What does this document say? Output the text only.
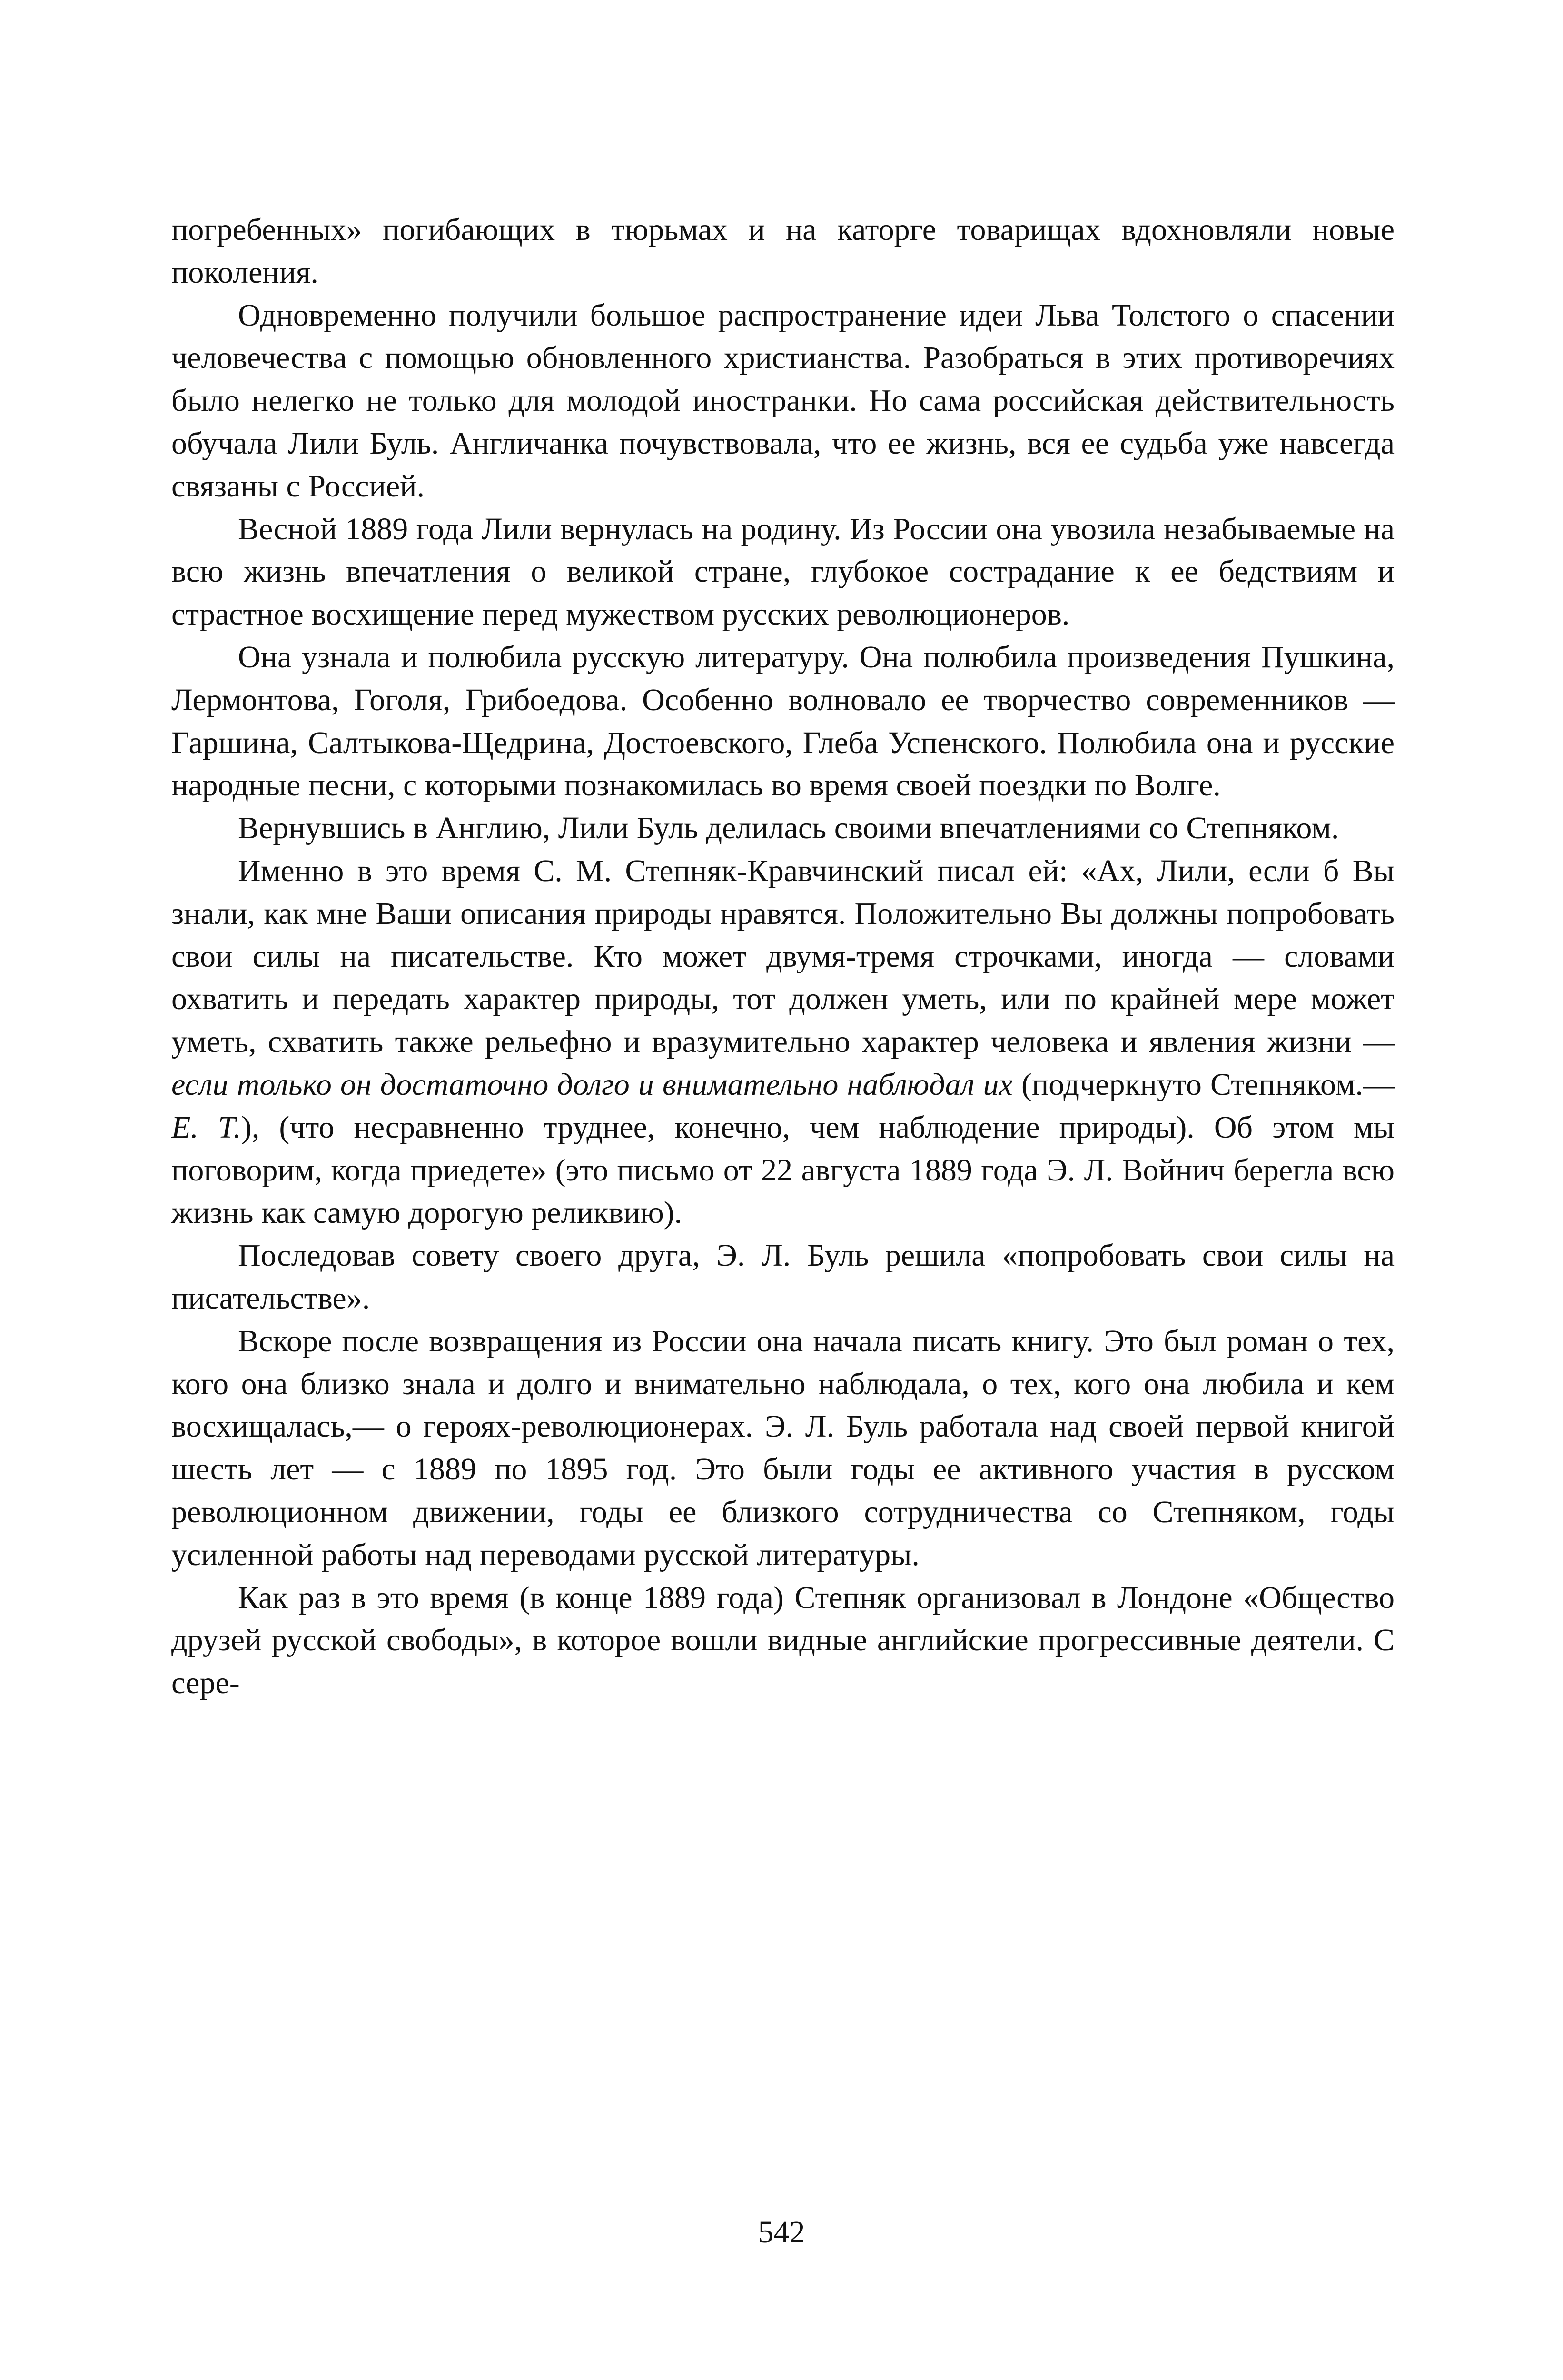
погребенных» погибающих в тюрьмах и на каторге товарищах вдохновляли новые поколения.

Одновременно получили большое распространение идеи Льва Толстого о спасении человечества с помощью обновленного христианства. Разобраться в этих противоречиях было нелегко не только для молодой иностранки. Но сама российская действительность обучала Лили Буль. Англичанка почувствовала, что ее жизнь, вся ее судьба уже навсегда связаны с Россией.

Весной 1889 года Лили вернулась на родину. Из России она увозила незабываемые на всю жизнь впечатления о великой стране, глубокое сострадание к ее бедствиям и страстное восхищение перед мужеством русских революционеров.

Она узнала и полюбила русскую литературу. Она полюбила произведения Пушкина, Лермонтова, Гоголя, Грибоедова. Особенно волновало ее творчество современников — Гаршина, Салтыкова-Щедрина, Достоевского, Глеба Успенского. Полюбила она и русские народные песни, с которыми познакомилась во время своей поездки по Волге.

Вернувшись в Англию, Лили Буль делилась своими впечатлениями со Степняком.

Именно в это время С. М. Степняк-Кравчинский писал ей: «Ах, Лили, если б Вы знали, как мне Ваши описания природы нравятся. Положительно Вы должны попробовать свои силы на писательстве. Кто может двумя-тремя строчками, иногда — словами охватить и передать характер природы, тот должен уметь, или по крайней мере может уметь, схватить также рельефно и вразумительно характер человека и явления жизни — если только он достаточно долго и внимательно наблюдал их (подчеркнуто Степняком.— Е. Т.), (что несравненно труднее, конечно, чем наблюдение природы). Об этом мы поговорим, когда приедете» (это письмо от 22 августа 1889 года Э. Л. Войнич берегла всю жизнь как самую дорогую реликвию).

Последовав совету своего друга, Э. Л. Буль решила «попробовать свои силы на писательстве».

Вскоре после возвращения из России она начала писать книгу. Это был роман о тех, кого она близко знала и долго и внимательно наблюдала, о тех, кого она любила и кем восхищалась,— о героях-революционерах. Э. Л. Буль работала над своей первой книгой шесть лет — с 1889 по 1895 год. Это были годы ее активного участия в русском революционном движении, годы ее близкого сотрудничества со Степняком, годы усиленной работы над переводами русской литературы.

Как раз в это время (в конце 1889 года) Степняк организовал в Лондоне «Общество друзей русской свободы», в которое вошли видные английские прогрессивные деятели. С сере-

542
